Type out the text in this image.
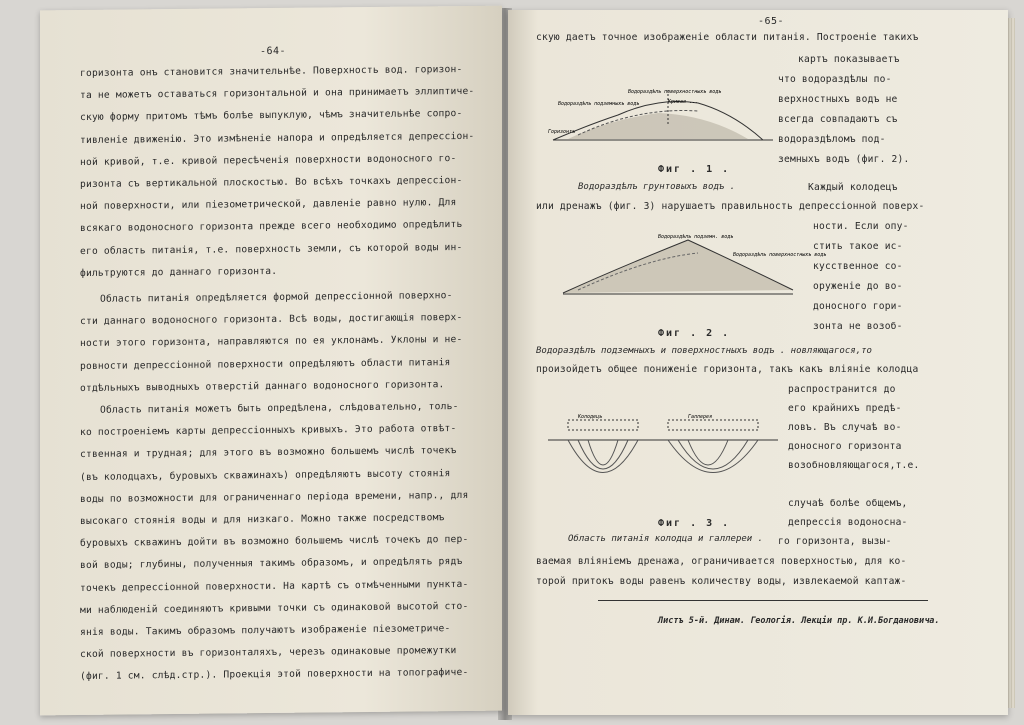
-64-
горизонта онъ становится значительнѣе. Поверхность вод. горизон-
та не можетъ оставаться горизонтальной и она принимаетъ эллиптиче-
скую форму притомъ тѣмъ болѣе выпуклую, чѣмъ значительнѣе сопро-
тивленіе движенію. Это измѣненіе напора и опредѣляется депрессіон-
ной кривой, т.е. кривой пересѣченія поверхности водоносного го-
ризонта съ вертикальной плоскостью. Во всѣхъ точкахъ депрессіон-
ной поверхности, или піезометрической, давленіе равно нулю. Для
всякаго водоносного горизонта прежде всего необходимо опредѣлить
его область питанія, т.е. поверхность земли, съ которой воды ин-
фильтруются до даннаго горизонта.
Область питанія опредѣляется формой депрессіонной поверхно-
сти даннаго водоносного горизонта. Всѣ воды, достигающія поверх-
ности этого горизонта, направляются по ея уклонамъ. Уклоны и не-
ровности депрессіонной поверхности опредѣляютъ области питанія
отдѣльныхъ выводныхъ отверстій даннаго водоносного горизонта.
Область питанія можетъ быть опредѣлена, слѣдовательно, толь-
ко построеніемъ карты депрессіонныхъ кривыхъ. Это работа отвѣт-
ственная и трудная; для этого въ возможно большемъ числѣ точекъ
(въ колодцахъ, буровыхъ скважинахъ) опредѣляютъ высоту стоянія
воды по возможности для ограниченнаго періода времени, напр., для
высокаго стоянія воды и для низкаго. Можно также посредствомъ
буровыхъ скважинъ дойти въ возможно большемъ числѣ точекъ до пер-
вой воды; глубины, полученныя такимъ образомъ, и опредѣлять рядъ
точекъ депрессіонной поверхности. На картѣ съ отмѣченными пункта-
ми наблюденій соединяютъ кривыми точки съ одинаковой высотой сто-
янія воды. Такимъ образомъ получаютъ изображеніе піезометриче-
ской поверхности въ горизонталяхъ, черезъ одинаковые промежутки
(фиг. 1 см. слѣд.стр.). Проекція этой поверхности на топографиче-
-65-
скую даетъ точное изображеніе области питанія. Построеніе такихъ
Водораздѣлъ поверхностныхъ водъ
Водораздѣлъ подземныхъ водъ	Кривая ...
Горизонтъ
Фиг . 1 .
Водораздѣлъ грунтовыхъ водъ .	Каждый колодецъ
или дренажъ (фиг. 3) нарушаетъ правильность депрессіонной поверх-
Водораздѣлъ подземн. водъ
Водораздѣлъ поверхностныхъ водъ
Фиг . 2 .
Водораздѣлъ подземныхъ и поверхностныхъ водъ . новляющагося,то
произойдетъ общее пониженіе горизонта, такъ какъ вліяніе колодца
Колодецъ	Галлерея
Фиг . 3 .
Область питанія колодца и галлереи .
Листъ 5-й. Динам. Геологія. Лекціи пр. К.И.Богдановича.
картъ показываетъ
что водораздѣлы по-
верхностныхъ водъ не
всегда совпадаютъ съ
водораздѣломъ под-
земныхъ водъ (фиг. 2).
ности. Если опу-
стить такое ис-
кусственное со-
оруженіе до во-
доносного гори-
зонта не возоб-
распространится до
его крайнихъ предѣ-
ловъ. Въ случаѣ во-
доносного горизонта
возобновляющагося,т.е.
случаѣ болѣе общемъ,
депрессія водоносна-
го горизонта, вызы-
ваемая вліяніемъ дренажа, ограничивается поверхностью, для ко-
торой притокъ воды равенъ количеству воды, извлекаемой каптаж-
